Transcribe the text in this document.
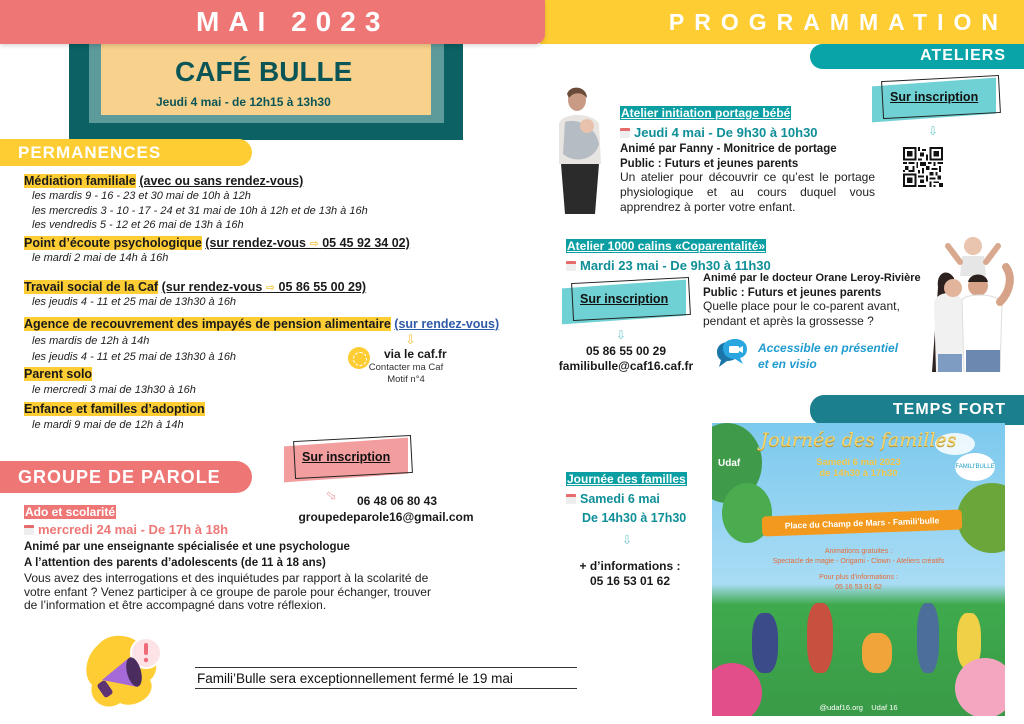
PROGRAMMATION
MAI 2023
ATELIERS
CAFÉ BULLE
Jeudi 4 mai - de 12h15 à 13h30
PERMANENCES
Médiation familiale (avec ou sans rendez-vous)
les mardis 9 - 16 - 23 et 30 mai de 10h à 12h
les mercredis 3 - 10 - 17 - 24 et 31 mai de 10h à 12h et de 13h à 16h
les vendredis 5 - 12 et 26 mai de 13h à 16h
Point d’écoute psychologique (sur rendez-vous ⇨ 05 45 92 34 02)
le mardi 2 mai de 14h à 16h
Travail social de la Caf (sur rendez-vous ⇨ 05 86 55 00 29)
les jeudis 4 - 11 et 25 mai de 13h30 à 16h
Agence de recouvrement des impayés de pension alimentaire (sur rendez-vous)
les mardis de 12h à 14h
les jeudis 4 - 11 et 25 mai de 13h30 à 16h
Parent solo
le mercredi 3 mai de 13h30 à 16h
Enfance et familles d’adoption
le mardi 9 mai de de 12h à 14h
⇩
via le caf.fr
Contacter ma Caf
Motif n°4
GROUPE DE PAROLE
Sur inscription
⇨	06 48 06 80 43
groupedeparole16@gmail.com
Ado et scolarité
mercredi 24 mai - De 17h à 18h
Animé par une enseignante spécialisée et une psychologue
A l’attention des parents d’adolescents (de 11 à 18 ans)
Vous avez des interrogations et des inquiétudes par rapport à la scolarité de votre enfant ? Venez participer à ce groupe de parole pour échanger, trouver de l’information et être accompagné dans votre réflexion.
Famili’Bulle sera exceptionnellement fermé le 19 mai
Atelier initiation portage bébé
Jeudi 4 mai - De 9h30 à 10h30
Animé par Fanny - Monitrice de portage
Public : Futurs et jeunes parents
Un atelier pour découvrir ce qu’est le portage physiologique et au cours duquel vous apprendrez à porter votre enfant.
Sur inscription
⇩
Atelier 1000 calins «Coparentalité»
Mardi 23 mai - De 9h30 à 11h30
Animé par le docteur Orane Leroy-Rivière
Public : Futurs et jeunes parents
Quelle place pour le co-parent avant, pendant et après la grossesse ?
Sur inscription
⇩
05 86 55 00 29
familibulle@caf16.caf.fr
Accessible en présentiel
et en visio
TEMPS FORT
Journée des familles
Samedi 6 mai
De 14h30 à 17h30
⇩
+ d’informations :
05 16 53 01 62
Udaf	FAMILI'BULLE
Journée des familles
Samedi 6 mai 2023
de 14h30 à 17h30
Place du Champ de Mars - Famili'bulle
Animations gratuites :
Spectacle de magie - Origami - Clown - Ateliers créatifs
Pour plus d'informations :
05 16 53 01 62
@udaf16.org Udaf 16
